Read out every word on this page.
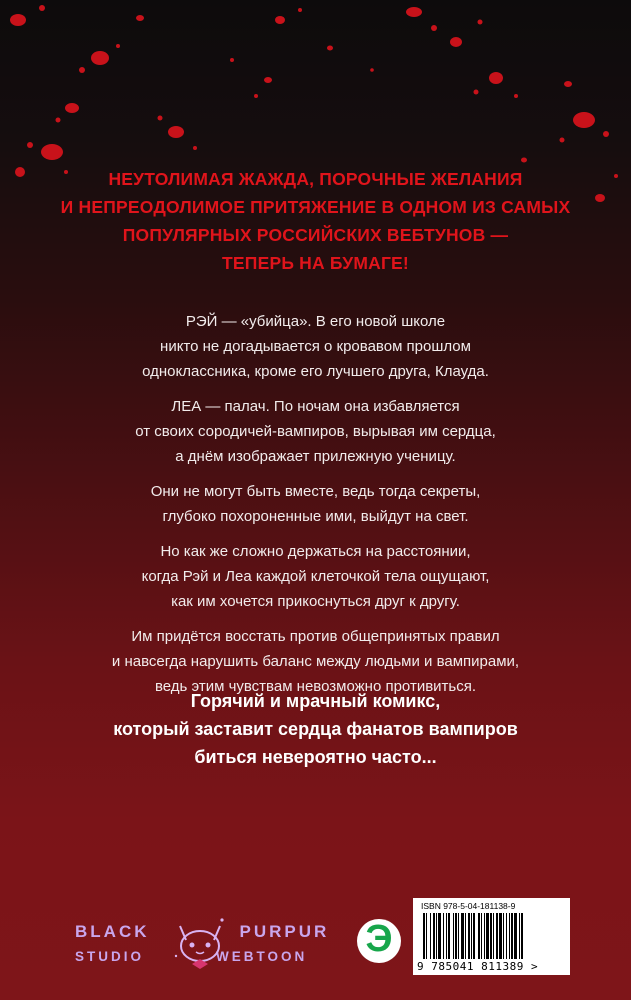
НЕУТОЛИМАЯ ЖАЖДА, ПОРОЧНЫЕ ЖЕЛАНИЯ
И НЕПРЕОДОЛИМОЕ ПРИТЯЖЕНИЕ В ОДНОМ ИЗ САМЫХ
ПОПУЛЯРНЫХ РОССИЙСКИХ ВЕБТУНОВ —
ТЕПЕРЬ НА БУМАГЕ!

РЭЙ — «убийца». В его новой школе
никто не догадывается о кровавом прошлом
одноклассника, кроме его лучшего друга, Клауда.

ЛЕА — палач. По ночам она избавляется
от своих сородичей-вампиров, вырывая им сердца,
а днём изображает прилежную ученицу.

Они не могут быть вместе, ведь тогда секреты,
глубоко похороненные ими, выйдут на свет.

Но как же сложно держаться на расстоянии,
когда Рэй и Леа каждой клеточкой тела ощущают,
как им хочется прикоснуться друг к другу.

Им придётся восстать против общепринятых правил
и навсегда нарушить баланс между людьми и вампирами,
ведь этим чувствам невозможно противиться.

Горячий и мрачный комикс,
который заставит сердца фанатов вампиров
биться невероятно часто...
BLACK	PURPUR
STUDIO	WEBTOON Э
ISBN 978-5-04-181138-9
9 785041 811389 >
